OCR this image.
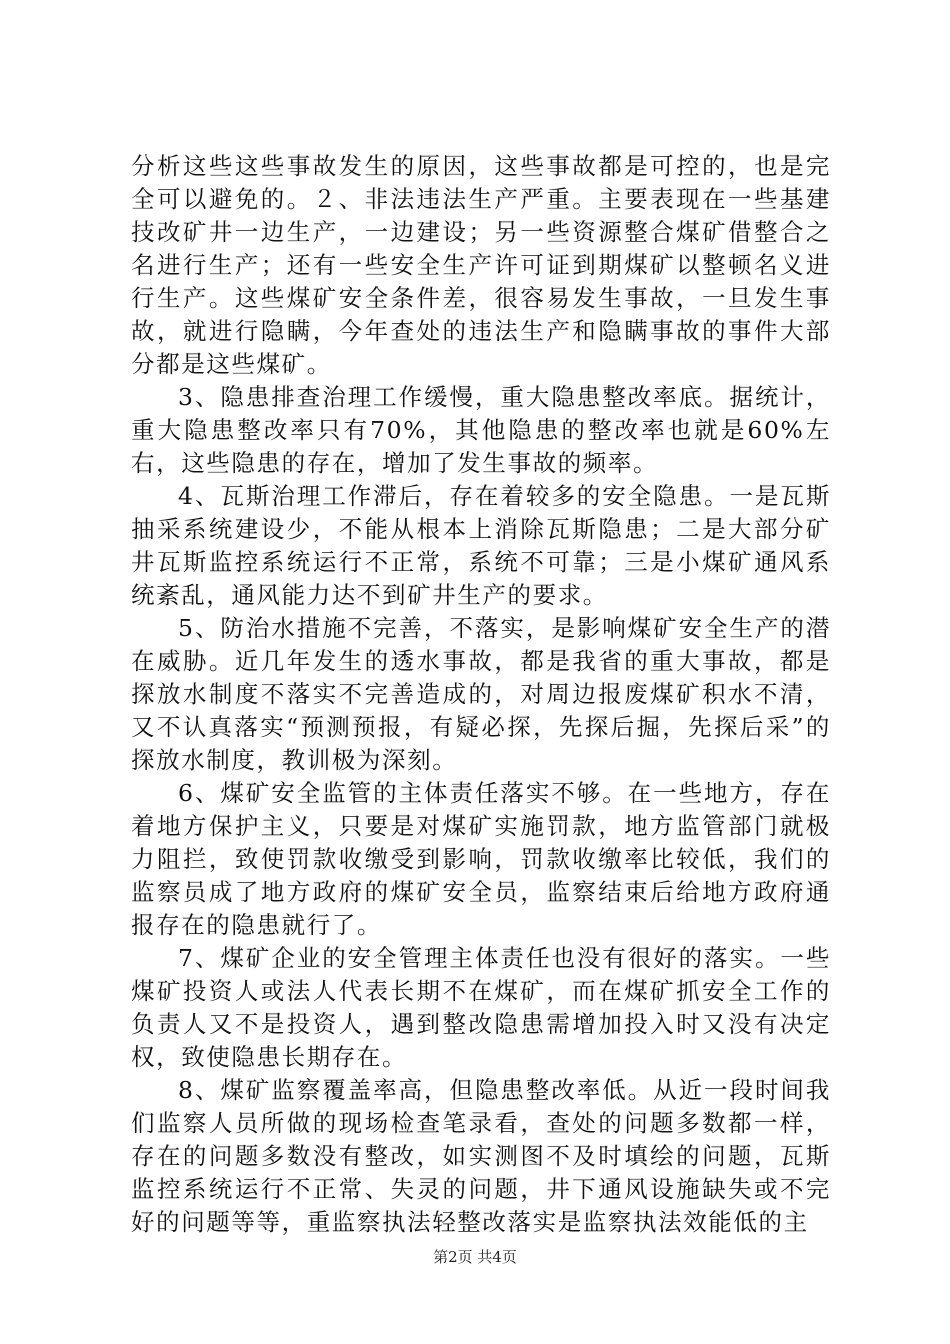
分析这些这些事故发生的原因，这些事故都是可控的，也是完全可以避免的。２、非法违法生产严重。主要表现在一些基建技改矿井一边生产，一边建设；另一些资源整合煤矿借整合之名进行生产；还有一些安全生产许可证到期煤矿以整顿名义进行生产。这些煤矿安全条件差，很容易发生事故，一旦发生事故，就进行隐瞒，今年查处的违法生产和隐瞒事故的事件大部分都是这些煤矿。

3、隐患排查治理工作缓慢，重大隐患整改率底。据统计，重大隐患整改率只有70%，其他隐患的整改率也就是60%左右，这些隐患的存在，增加了发生事故的频率。

4、瓦斯治理工作滞后，存在着较多的安全隐患。一是瓦斯抽采系统建设少，不能从根本上消除瓦斯隐患；二是大部分矿井瓦斯监控系统运行不正常，系统不可靠；三是小煤矿通风系统紊乱，通风能力达不到矿井生产的要求。

5、防治水措施不完善，不落实，是影响煤矿安全生产的潜在威胁。近几年发生的透水事故，都是我省的重大事故，都是探放水制度不落实不完善造成的，对周边报废煤矿积水不清，又不认真落实“预测预报，有疑必探，先探后掘，先探后采”的探放水制度，教训极为深刻。

6、煤矿安全监管的主体责任落实不够。在一些地方，存在着地方保护主义，只要是对煤矿实施罚款，地方监管部门就极力阻拦，致使罚款收缴受到影响，罚款收缴率比较低，我们的监察员成了地方政府的煤矿安全员，监察结束后给地方政府通报存在的隐患就行了。

7、煤矿企业的安全管理主体责任也没有很好的落实。一些煤矿投资人或法人代表长期不在煤矿，而在煤矿抓安全工作的负责人又不是投资人，遇到整改隐患需增加投入时又没有决定权，致使隐患长期存在。

8、煤矿监察覆盖率高，但隐患整改率低。从近一段时间我们监察人员所做的现场检查笔录看，查处的问题多数都一样，存在的问题多数没有整改，如实测图不及时填绘的问题，瓦斯监控系统运行不正常、失灵的问题，井下通风设施缺失或不完好的问题等等，重监察执法轻整改落实是监察执法效能低的主

第2页 共4页
